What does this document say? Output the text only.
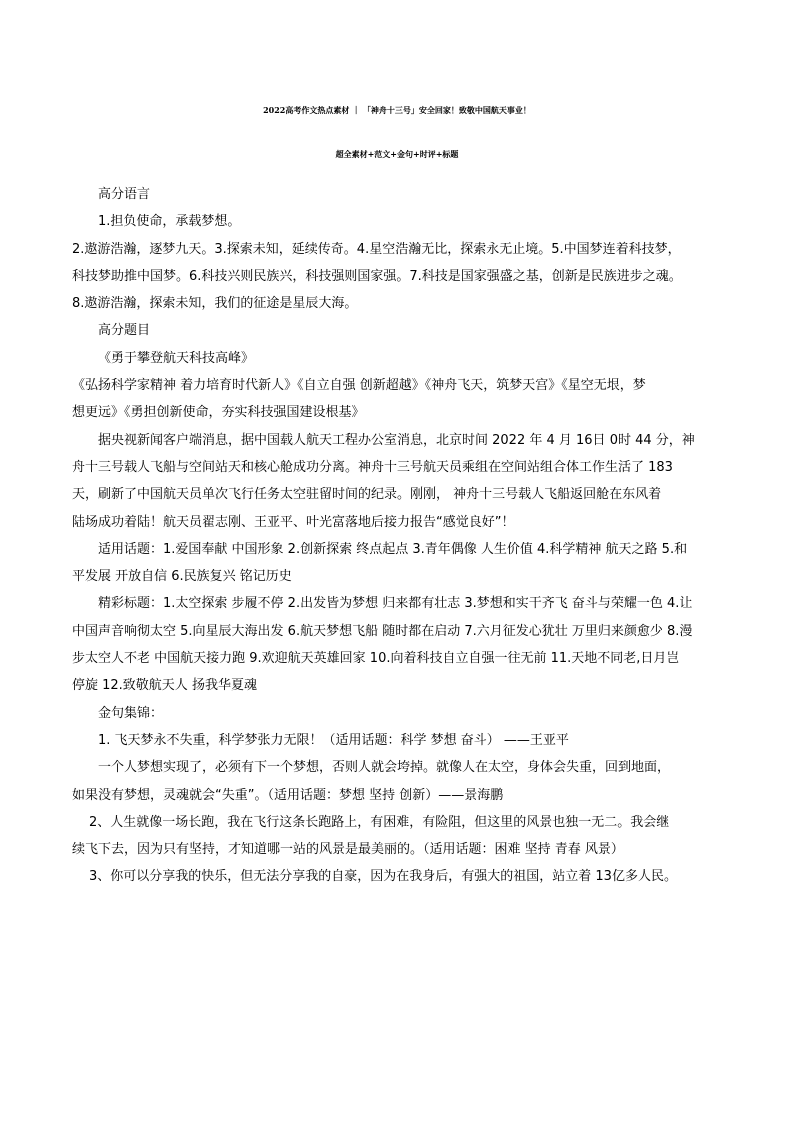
2022高考作文热点素材 ｜ 「神舟十三号」安全回家！致敬中国航天事业！
超全素材+范文+金句+时评+标题

高分语言

1.担负使命，承载梦想。

2.遨游浩瀚，逐梦九天。3.探索未知，延续传奇。4.星空浩瀚无比，探索永无止境。5.中国梦连着科技梦，

科技梦助推中国梦。6.科技兴则民族兴，科技强则国家强。7.科技是国家强盛之基，创新是民族进步之魂。

8.遨游浩瀚，探索未知，我们的征途是星辰大海。

高分题目

《勇于攀登航天科技高峰》

《弘扬科学家精神 着力培育时代新人》《自立自强 创新超越》《神舟飞天，筑梦天宫》《星空无垠，梦

想更远》《勇担创新使命，夯实科技强国建设根基》

据央视新闻客户端消息，据中国载人航天工程办公室消息，北京时间 2022 年 4 月 16日 0时 44 分，神

舟十三号载人飞船与空间站天和核心舱成功分离。神舟十三号航天员乘组在空间站组合体工作生活了 183

天，刷新了中国航天员单次飞行任务太空驻留时间的纪录。刚刚， 神舟十三号载人飞船返回舱在东风着

陆场成功着陆！航天员翟志刚、王亚平、叶光富落地后接力报告“感觉良好”！

适用话题：1.爱国奉献 中国形象 2.创新探索 终点起点 3.青年偶像 人生价值 4.科学精神 航天之路 5.和

平发展 开放自信 6.民族复兴 铭记历史

精彩标题：1.太空探索 步履不停 2.出发皆为梦想 归来都有壮志 3.梦想和实干齐飞 奋斗与荣耀一色 4.让

中国声音响彻太空 5.向星辰大海出发 6.航天梦想飞船 随时都在启动 7.六月征发心犹壮 万里归来颜愈少 8.漫

步太空人不老 中国航天接力跑 9.欢迎航天英雄回家 10.向着科技自立自强一往无前 11.天地不同老,日月岂

停旋 12.致敬航天人 扬我华夏魂

金句集锦：

1. 飞天梦永不失重，科学梦张力无限！（适用话题：科学 梦想 奋斗） ——王亚平

一个人梦想实现了，必须有下一个梦想，否则人就会垮掉。就像人在太空，身体会失重，回到地面，

如果没有梦想，灵魂就会“失重”。（适用话题：梦想 坚持 创新）——景海鹏

2、人生就像一场长跑，我在飞行这条长跑路上，有困难，有险阻，但这里的风景也独一无二。我会继

续飞下去，因为只有坚持，才知道哪一站的风景是最美丽的。（适用话题：困难 坚持 青春 风景）

3、你可以分享我的快乐，但无法分享我的自豪，因为在我身后，有强大的祖国，站立着 13亿多人民。
